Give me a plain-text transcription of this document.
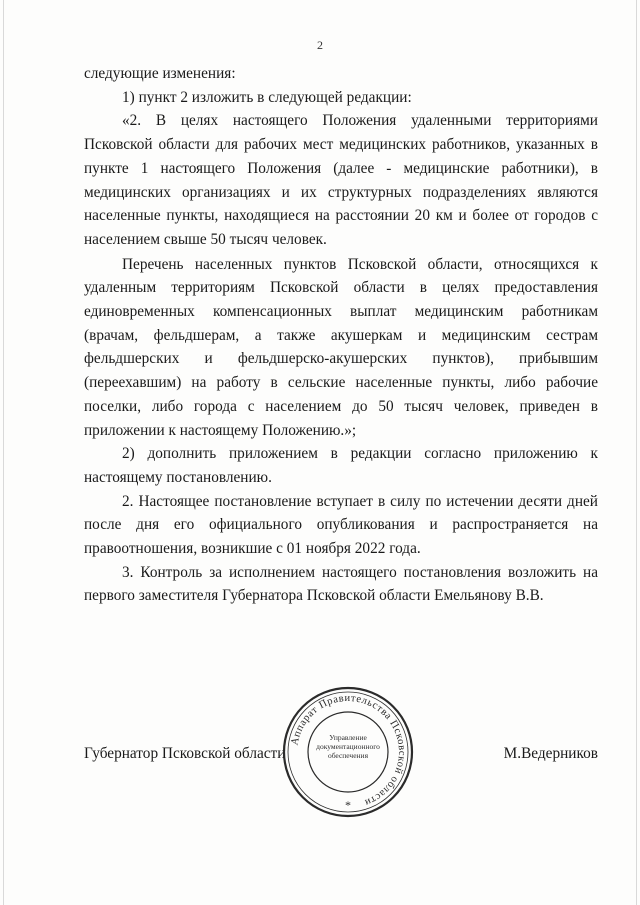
2

следующие изменения:

1) пункт 2 изложить в следующей редакции:

«2. В целях настоящего Положения удаленными территориями Псковской области для рабочих мест медицинских работников, указанных в пункте 1 настоящего Положения (далее - медицинские работники), в медицинских организациях и их структурных подразделениях являются населенные пункты, находящиеся на расстоянии 20 км и более от городов с населением свыше 50 тысяч человек.

Перечень населенных пунктов Псковской области, относящихся к удаленным территориям Псковской области в целях предоставления единовременных компенсационных выплат медицинским работникам (врачам, фельдшерам, а также акушеркам и медицинским сестрам фельдшерских и фельдшерско-акушерских пунктов), прибывшим (переехавшим) на работу в сельские населенные пункты, либо рабочие поселки, либо города с населением до 50 тысяч человек, приведен в приложении к настоящему Положению.»;

2) дополнить приложением в редакции согласно приложению к настоящему постановлению.

2. Настоящее постановление вступает в силу по истечении десяти дней после дня его официального опубликования и распространяется на правоотношения, возникшие с 01 ноября 2022 года.

3. Контроль за исполнением настоящего постановления возложить на первого заместителя Губернатора Псковской области Емельянову В.В.

Губернатор Псковской области	М.Ведерников
Аппарат Правительства Псковской области
Управление документационного обеспечения
*
